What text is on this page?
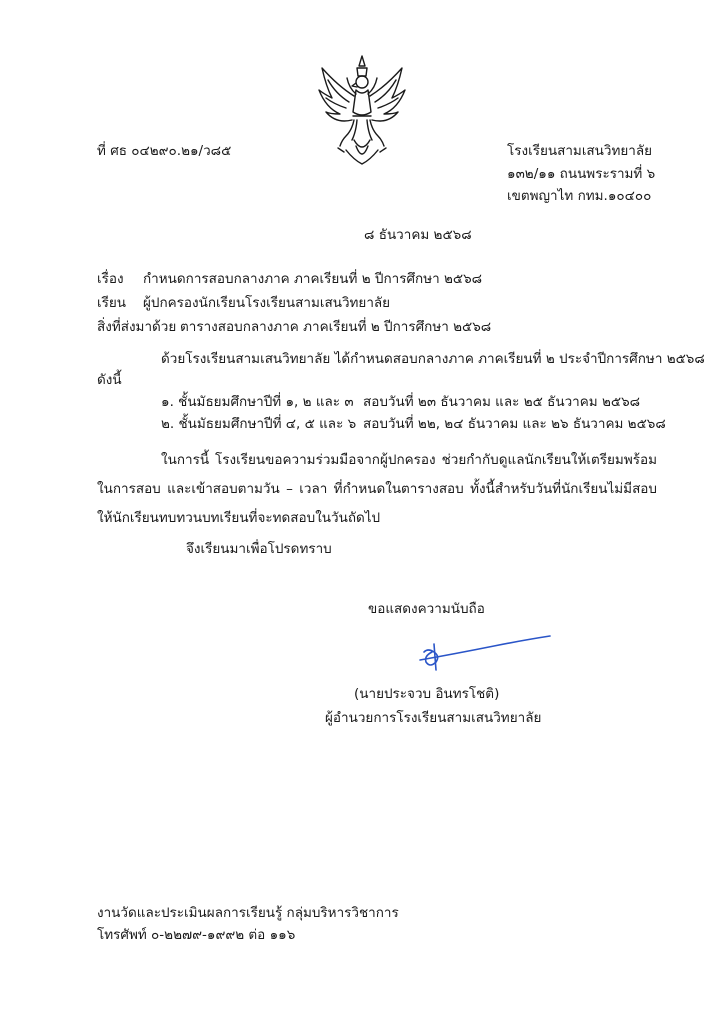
ที่ ศธ ๐๔๒๙๐.๒๑/ว๘๕	โรงเรียนสามเสนวิทยาลัย
๑๓๒/๑๑ ถนนพระรามที่ ๖
เขตพญาไท กทม.๑๐๔๐๐
๘ ธันวาคม ๒๕๖๘
เรื่อง กำหนดการสอบกลางภาค ภาคเรียนที่ ๒ ปีการศึกษา ๒๕๖๘
เรียน ผู้ปกครองนักเรียนโรงเรียนสามเสนวิทยาลัย
สิ่งที่ส่งมาด้วย ตารางสอบกลางภาค ภาคเรียนที่ ๒ ปีการศึกษา ๒๕๖๘
ด้วยโรงเรียนสามเสนวิทยาลัย ได้กำหนดสอบกลางภาค ภาคเรียนที่ ๒ ประจำปีการศึกษา ๒๕๖๘
ดังนี้
๑. ชั้นมัธยมศึกษาปีที่ ๑, ๒ และ ๓ สอบวันที่ ๒๓ ธันวาคม และ ๒๕ ธันวาคม ๒๕๖๘
๒. ชั้นมัธยมศึกษาปีที่ ๔, ๕ และ ๖ สอบวันที่ ๒๒, ๒๔ ธันวาคม และ ๒๖ ธันวาคม ๒๕๖๘
ในการนี้ โรงเรียนขอความร่วมมือจากผู้ปกครอง ช่วยกำกับดูแลนักเรียนให้เตรียมพร้อมในการสอบ และเข้าสอบตามวัน – เวลา ที่กำหนดในตารางสอบ ทั้งนี้สำหรับวันที่นักเรียนไม่มีสอบ ให้นักเรียนทบทวนบทเรียนที่จะทดสอบในวันถัดไป
จึงเรียนมาเพื่อโปรดทราบ
ขอแสดงความนับถือ
(นายประจวบ อินทรโชติ)
ผู้อำนวยการโรงเรียนสามเสนวิทยาลัย
งานวัดและประเมินผลการเรียนรู้ กลุ่มบริหารวิชาการ
โทรศัพท์ ๐-๒๒๗๙-๑๙๙๒ ต่อ ๑๑๖
